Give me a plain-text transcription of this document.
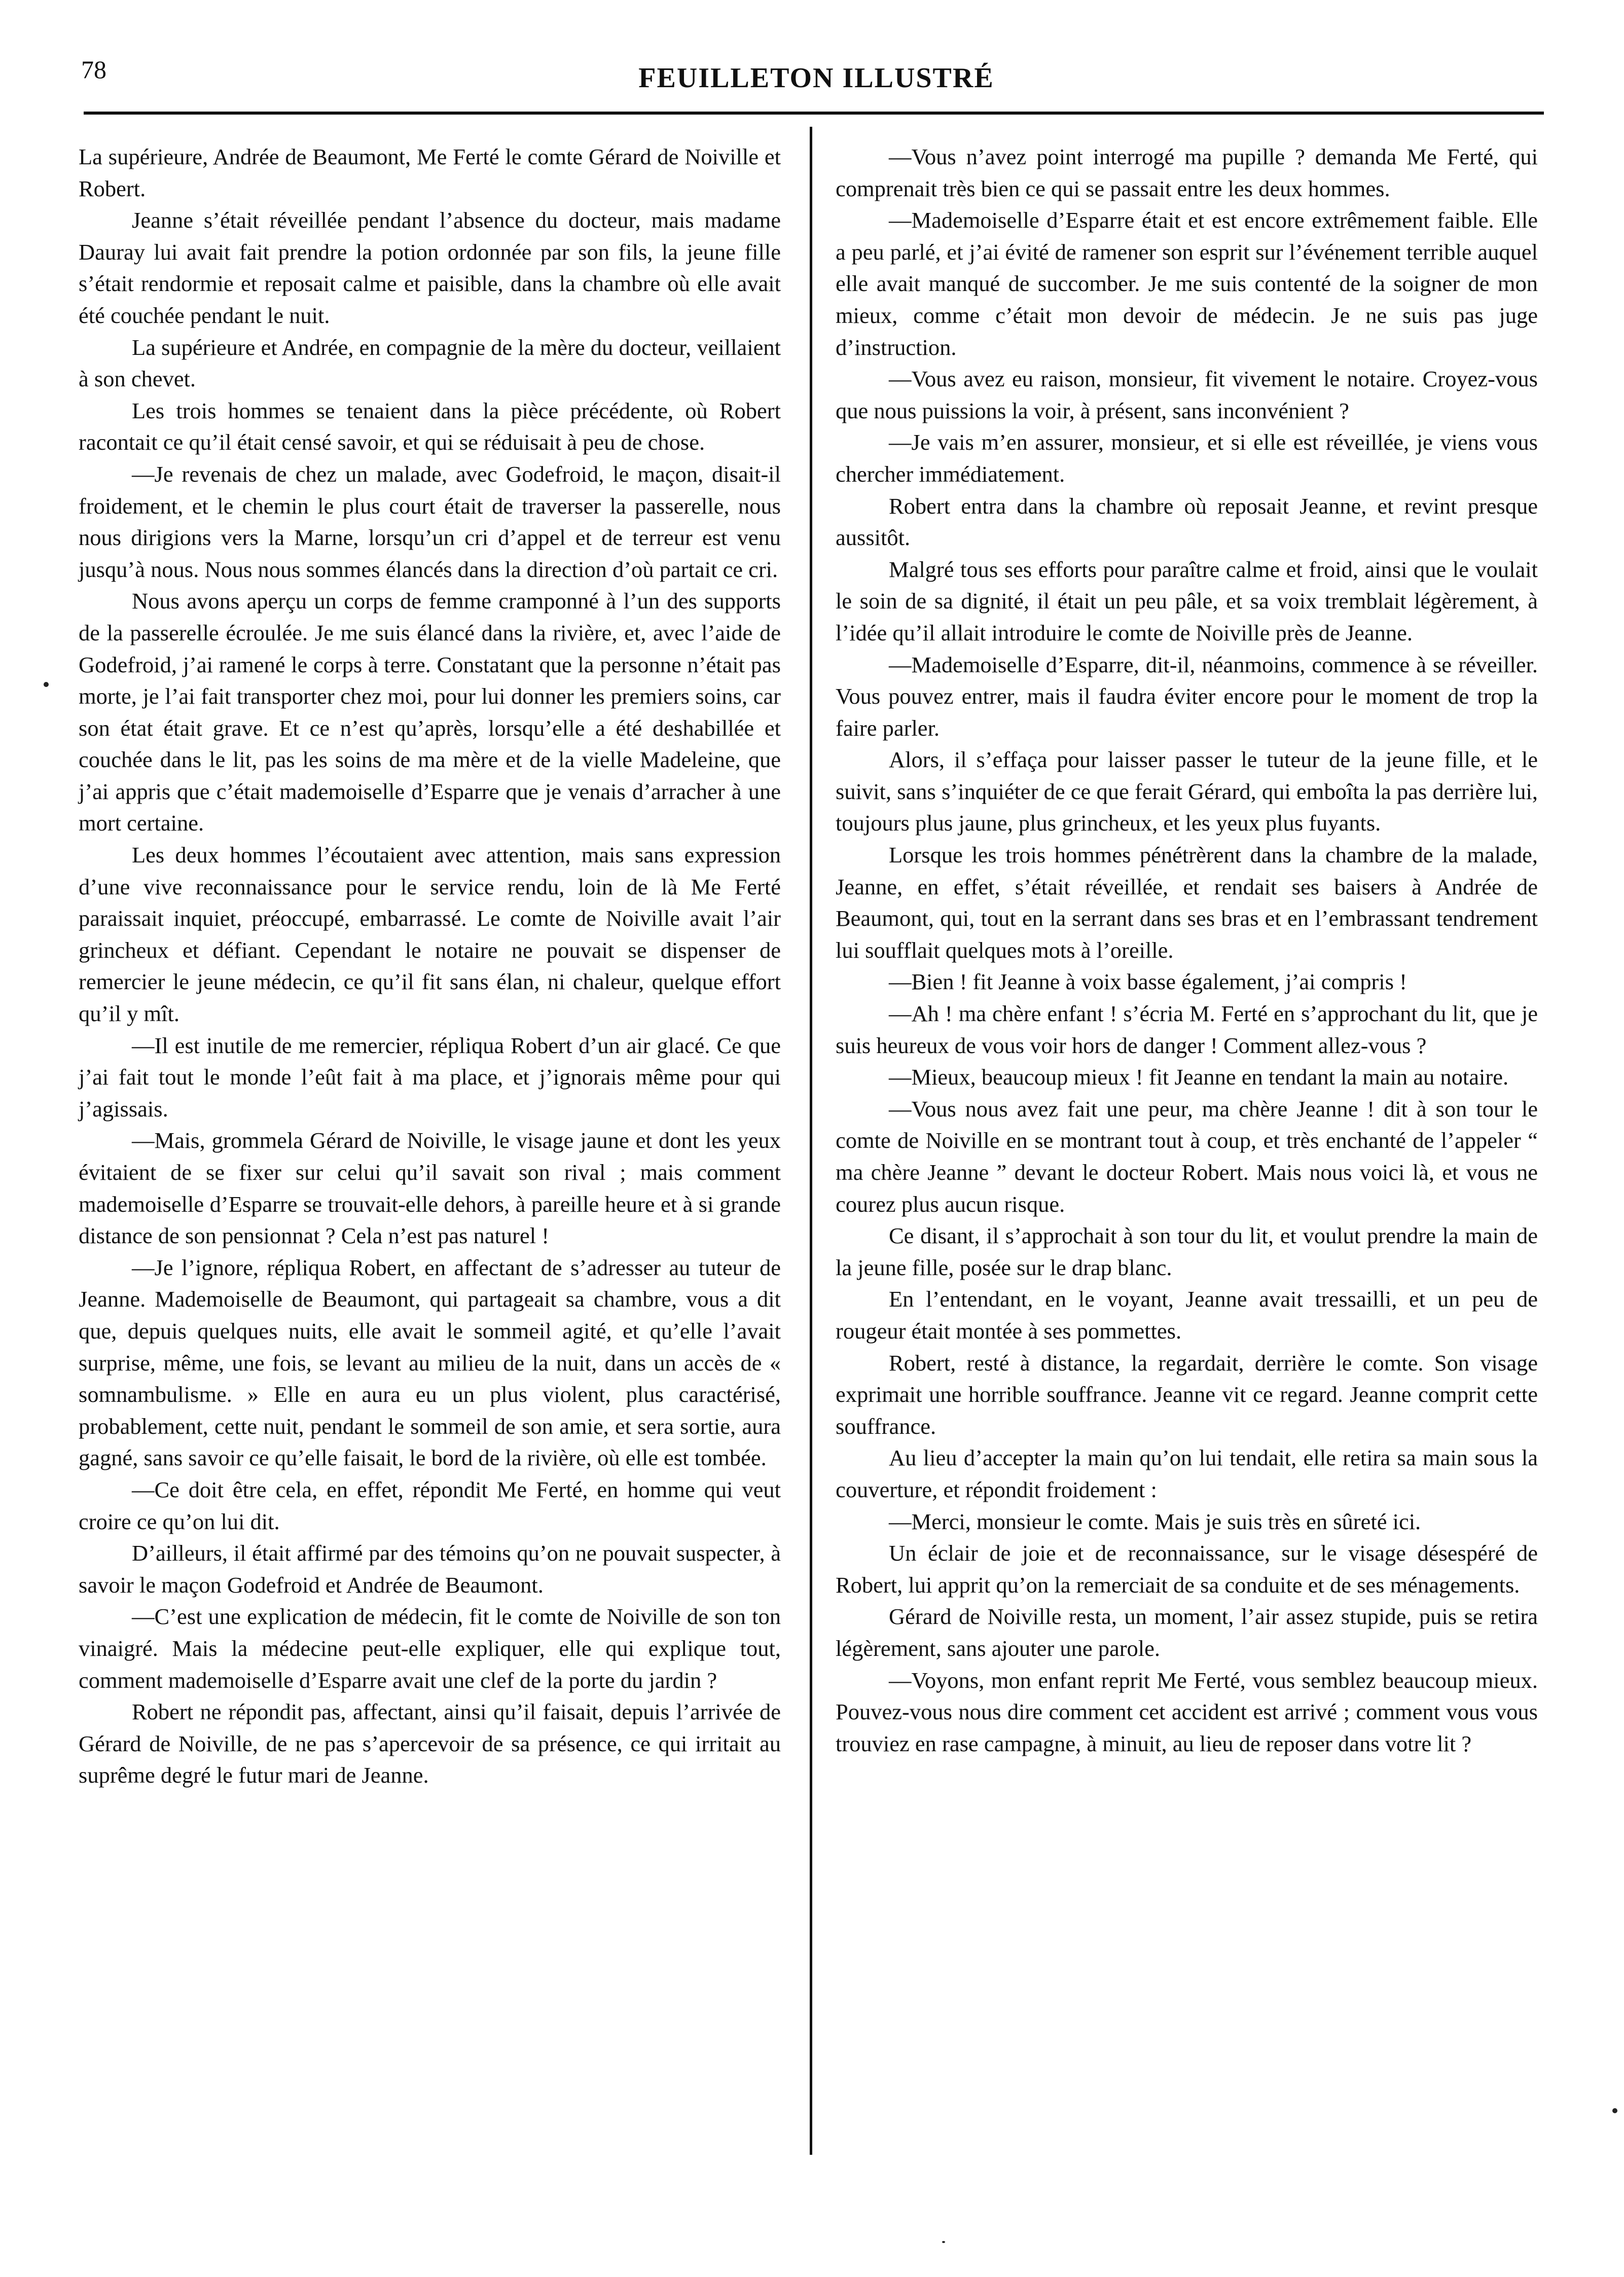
78	FEUILLETON ILLUSTRÉ

La supérieure, Andrée de Beaumont, Me Ferté le comte Gérard de Noiville et Robert.

Jeanne s’était réveillée pendant l’absence du docteur, mais madame Dauray lui avait fait prendre la potion ordonnée par son fils, la jeune fille s’était rendormie et reposait calme et paisible, dans la chambre où elle avait été couchée pendant le nuit.

La supérieure et Andrée, en compagnie de la mère du docteur, veillaient à son chevet.

Les trois hommes se tenaient dans la pièce précédente, où Robert racontait ce qu’il était censé savoir, et qui se réduisait à peu de chose.

—Je revenais de chez un malade, avec Godefroid, le maçon, disait-il froidement, et le chemin le plus court était de traverser la passerelle, nous nous dirigions vers la Marne, lorsqu’un cri d’appel et de terreur est venu jusqu’à nous. Nous nous sommes élancés dans la direction d’où partait ce cri.

Nous avons aperçu un corps de femme cramponné à l’un des supports de la passerelle écroulée. Je me suis élancé dans la rivière, et, avec l’aide de Godefroid, j’ai ramené le corps à terre. Constatant que la personne n’était pas morte, je l’ai fait transporter chez moi, pour lui donner les premiers soins, car son état était grave. Et ce n’est qu’après, lorsqu’elle a été deshabillée et couchée dans le lit, pas les soins de ma mère et de la vielle Madeleine, que j’ai appris que c’était mademoiselle d’Esparre que je venais d’arracher à une mort certaine.

Les deux hommes l’écoutaient avec attention, mais sans expression d’une vive reconnaissance pour le service rendu, loin de là Me Ferté paraissait inquiet, préoccupé, embarrassé. Le comte de Noiville avait l’air grincheux et défiant. Cependant le notaire ne pouvait se dispenser de remercier le jeune médecin, ce qu’il fit sans élan, ni chaleur, quelque effort qu’il y mît.

—Il est inutile de me remercier, répliqua Robert d’un air glacé. Ce que j’ai fait tout le monde l’eût fait à ma place, et j’ignorais même pour qui j’agissais.

—Mais, grommela Gérard de Noiville, le visage jaune et dont les yeux évitaient de se fixer sur celui qu’il savait son rival ; mais comment mademoiselle d’Esparre se trouvait-elle dehors, à pareille heure et à si grande distance de son pensionnat ? Cela n’est pas naturel !

—Je l’ignore, répliqua Robert, en affectant de s’adresser au tuteur de Jeanne. Mademoiselle de Beaumont, qui partageait sa chambre, vous a dit que, depuis quelques nuits, elle avait le sommeil agité, et qu’elle l’avait surprise, même, une fois, se levant au milieu de la nuit, dans un accès de « somnambulisme. » Elle en aura eu un plus violent, plus caractérisé, probablement, cette nuit, pendant le sommeil de son amie, et sera sortie, aura gagné, sans savoir ce qu’elle faisait, le bord de la rivière, où elle est tombée.

—Ce doit être cela, en effet, répondit Me Ferté, en homme qui veut croire ce qu’on lui dit.

D’ailleurs, il était affirmé par des témoins qu’on ne pouvait suspecter, à savoir le maçon Godefroid et Andrée de Beaumont.

—C’est une explication de médecin, fit le comte de Noiville de son ton vinaigré. Mais la médecine peut-elle expliquer, elle qui explique tout, comment mademoiselle d’Esparre avait une clef de la porte du jardin ?

Robert ne répondit pas, affectant, ainsi qu’il faisait, depuis l’arrivée de Gérard de Noiville, de ne pas s’apercevoir de sa présence, ce qui irritait au suprême degré le futur mari de Jeanne.

—Vous n’avez point interrogé ma pupille ? demanda Me Ferté, qui comprenait très bien ce qui se passait entre les deux hommes.

—Mademoiselle d’Esparre était et est encore extrêmement faible. Elle a peu parlé, et j’ai évité de ramener son esprit sur l’événement terrible auquel elle avait manqué de succomber. Je me suis contenté de la soigner de mon mieux, comme c’était mon devoir de médecin. Je ne suis pas juge d’instruction.

—Vous avez eu raison, monsieur, fit vivement le notaire. Croyez-vous que nous puissions la voir, à présent, sans inconvénient ?

—Je vais m’en assurer, monsieur, et si elle est réveillée, je viens vous chercher immédiatement.

Robert entra dans la chambre où reposait Jeanne, et revint presque aussitôt.

Malgré tous ses efforts pour paraître calme et froid, ainsi que le voulait le soin de sa dignité, il était un peu pâle, et sa voix tremblait légèrement, à l’idée qu’il allait introduire le comte de Noiville près de Jeanne.

—Mademoiselle d’Esparre, dit-il, néanmoins, commence à se réveiller. Vous pouvez entrer, mais il faudra éviter encore pour le moment de trop la faire parler.

Alors, il s’effaça pour laisser passer le tuteur de la jeune fille, et le suivit, sans s’inquiéter de ce que ferait Gérard, qui emboîta la pas derrière lui, toujours plus jaune, plus grincheux, et les yeux plus fuyants.

Lorsque les trois hommes pénétrèrent dans la chambre de la malade, Jeanne, en effet, s’était réveillée, et rendait ses baisers à Andrée de Beaumont, qui, tout en la serrant dans ses bras et en l’embrassant tendrement lui soufflait quelques mots à l’oreille.

—Bien ! fit Jeanne à voix basse également, j’ai compris !

—Ah ! ma chère enfant ! s’écria M. Ferté en s’approchant du lit, que je suis heureux de vous voir hors de danger ! Comment allez-vous ?

—Mieux, beaucoup mieux ! fit Jeanne en tendant la main au notaire.

—Vous nous avez fait une peur, ma chère Jeanne ! dit à son tour le comte de Noiville en se montrant tout à coup, et très enchanté de l’appeler “ ma chère Jeanne ” devant le docteur Robert. Mais nous voici là, et vous ne courez plus aucun risque.

Ce disant, il s’approchait à son tour du lit, et voulut prendre la main de la jeune fille, posée sur le drap blanc.

En l’entendant, en le voyant, Jeanne avait tressailli, et un peu de rougeur était montée à ses pommettes.

Robert, resté à distance, la regardait, derrière le comte. Son visage exprimait une horrible souffrance. Jeanne vit ce regard. Jeanne comprit cette souffrance.

Au lieu d’accepter la main qu’on lui tendait, elle retira sa main sous la couverture, et répondit froidement :

—Merci, monsieur le comte. Mais je suis très en sûreté ici.

Un éclair de joie et de reconnaissance, sur le visage désespéré de Robert, lui apprit qu’on la remerciait de sa conduite et de ses ménagements.

Gérard de Noiville resta, un moment, l’air assez stupide, puis se retira légèrement, sans ajouter une parole.

—Voyons, mon enfant reprit Me Ferté, vous semblez beaucoup mieux. Pouvez-vous nous dire comment cet accident est arrivé ; comment vous vous trouviez en rase campagne, à minuit, au lieu de reposer dans votre lit ?
